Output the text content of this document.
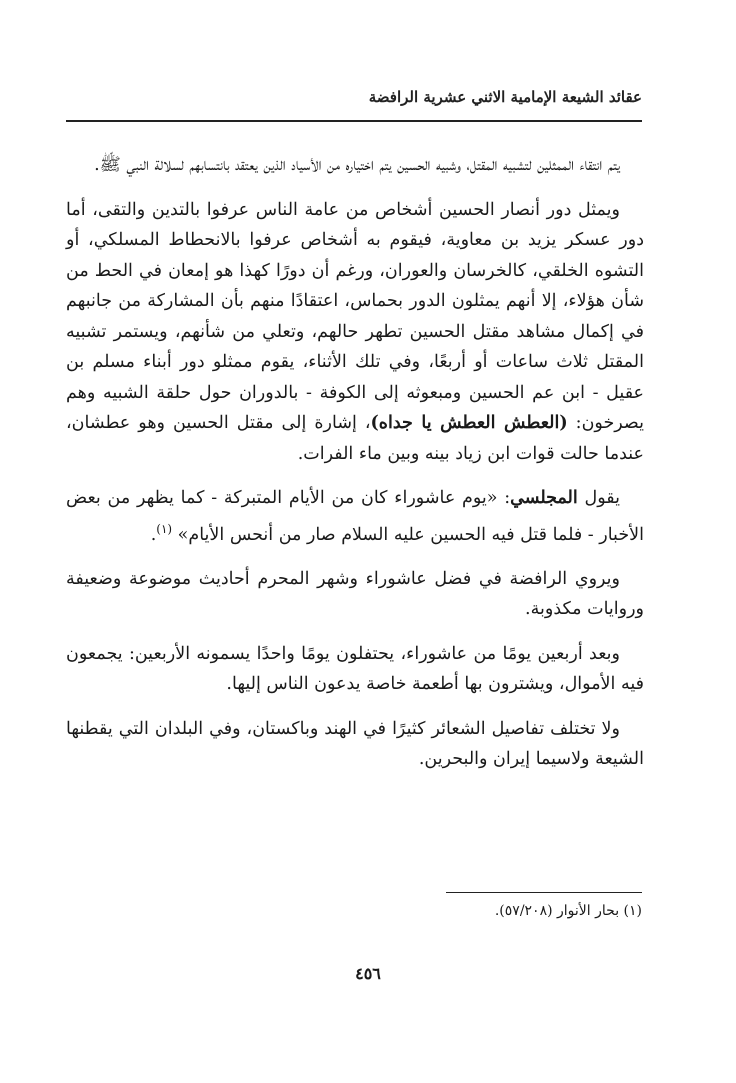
عقائد الشيعة الإمامية الاثني عشرية الرافضة

يتم انتقاء الممثلين لتشبيه المقتل، وشبيه الحسين يتم اختياره من الأسياد الذين يعتقد بانتسابهم لسلالة النبي ﷺ.

ويمثل دور أنصار الحسين أشخاص من عامة الناس عرفوا بالتدين والتقى، أما دور عسكر يزيد بن معاوية، فيقوم به أشخاص عرفوا بالانحطاط المسلكي، أو التشوه الخلقي، كالخرسان والعوران، ورغم أن دورًا كهذا هو إمعان في الحط من شأن هؤلاء، إلا أنهم يمثلون الدور بحماس، اعتقادًا منهم بأن المشاركة من جانبهم في إكمال مشاهد مقتل الحسين تطهر حالهم، وتعلي من شأنهم، ويستمر تشبيه المقتل ثلاث ساعات أو أربعًا، وفي تلك الأثناء، يقوم ممثلو دور أبناء مسلم بن عقيل - ابن عم الحسين ومبعوثه إلى الكوفة - بالدوران حول حلقة الشبيه وهم يصرخون: (العطش العطش يا جداه)، إشارة إلى مقتل الحسين وهو عطشان، عندما حالت قوات ابن زياد بينه وبين ماء الفرات.

يقول المجلسي: «يوم عاشوراء كان من الأيام المتبركة - كما يظهر من بعض الأخبار - فلما قتل فيه الحسين عليه السلام صار من أنحس الأيام» $^{(١)}$.

ويروي الرافضة في فضل عاشوراء وشهر المحرم أحاديث موضوعة وضعيفة وروايات مكذوبة.

وبعد أربعين يومًا من عاشوراء، يحتفلون يومًا واحدًا يسمونه الأربعين: يجمعون فيه الأموال، ويشترون بها أطعمة خاصة يدعون الناس إليها.

ولا تختلف تفاصيل الشعائر كثيرًا في الهند وباكستان، وفي البلدان التي يقطنها الشيعة ولاسيما إيران والبحرين.

(١) بحار الأنوار (٥٧/٢٠٨).
٤٥٦
